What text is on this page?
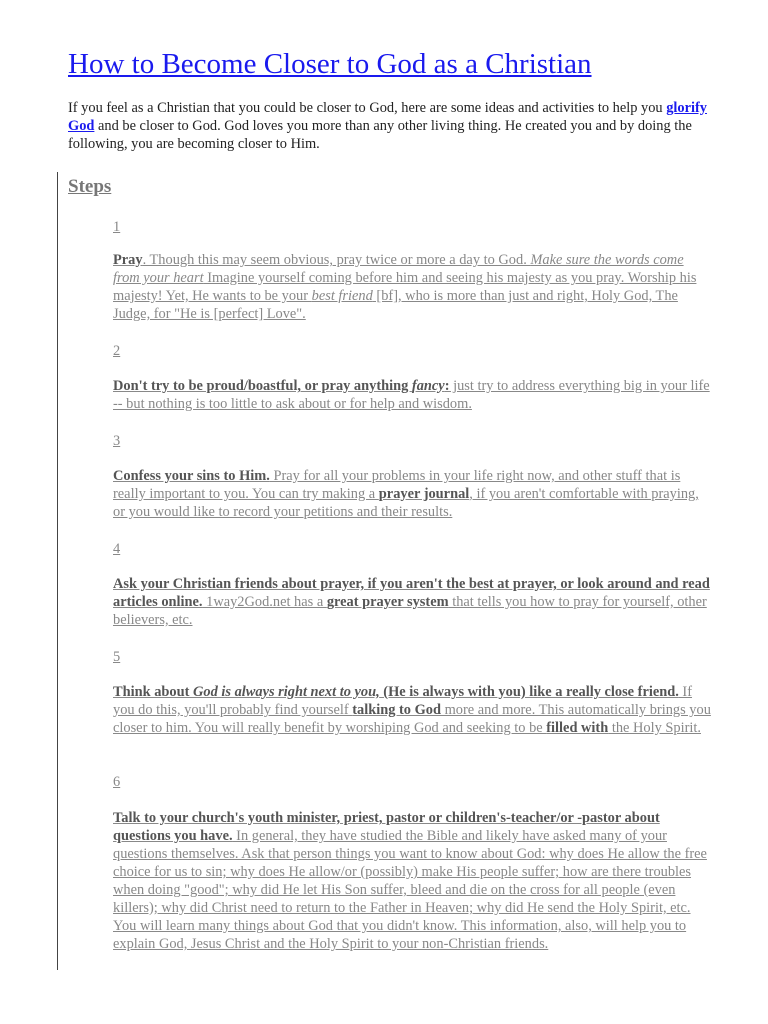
How to Become Closer to God as a Christian
If you feel as a Christian that you could be closer to God, here are some ideas and activities to help you glorify God and be closer to God. God loves you more than any other living thing. He created you and by doing the following, you are becoming closer to Him.
Steps
1
Pray. Though this may seem obvious, pray twice or more a day to God. Make sure the words come from your heart Imagine yourself coming before him and seeing his majesty as you pray. Worship his majesty! Yet, He wants to be your best friend [bf], who is more than just and right, Holy God, The Judge, for "He is [perfect] Love".
2
Don't try to be proud/boastful, or pray anything fancy: just try to address everything big in your life -- but nothing is too little to ask about or for help and wisdom.
3
Confess your sins to Him. Pray for all your problems in your life right now, and other stuff that is really important to you. You can try making a prayer journal, if you aren't comfortable with praying, or you would like to record your petitions and their results.
4
Ask your Christian friends about prayer, if you aren't the best at prayer, or look around and read articles online. 1way2God.net has a great prayer system that tells you how to pray for yourself, other believers, etc.
5
Think about God is always right next to you, (He is always with you) like a really close friend. If you do this, you'll probably find yourself talking to God more and more. This automatically brings you closer to him. You will really benefit by worshiping God and seeking to be filled with the Holy Spirit.
6
Talk to your church's youth minister, priest, pastor or children's-teacher/or -pastor about questions you have. In general, they have studied the Bible and likely have asked many of your questions themselves. Ask that person things you want to know about God: why does He allow the free choice for us to sin; why does He allow/or (possibly) make His people suffer; how are there troubles when doing "good"; why did He let His Son suffer, bleed and die on the cross for all people (even killers); why did Christ need to return to the Father in Heaven; why did He send the Holy Spirit, etc. You will learn many things about God that you didn't know. This information, also, will help you to explain God, Jesus Christ and the Holy Spirit to your non-Christian friends.
